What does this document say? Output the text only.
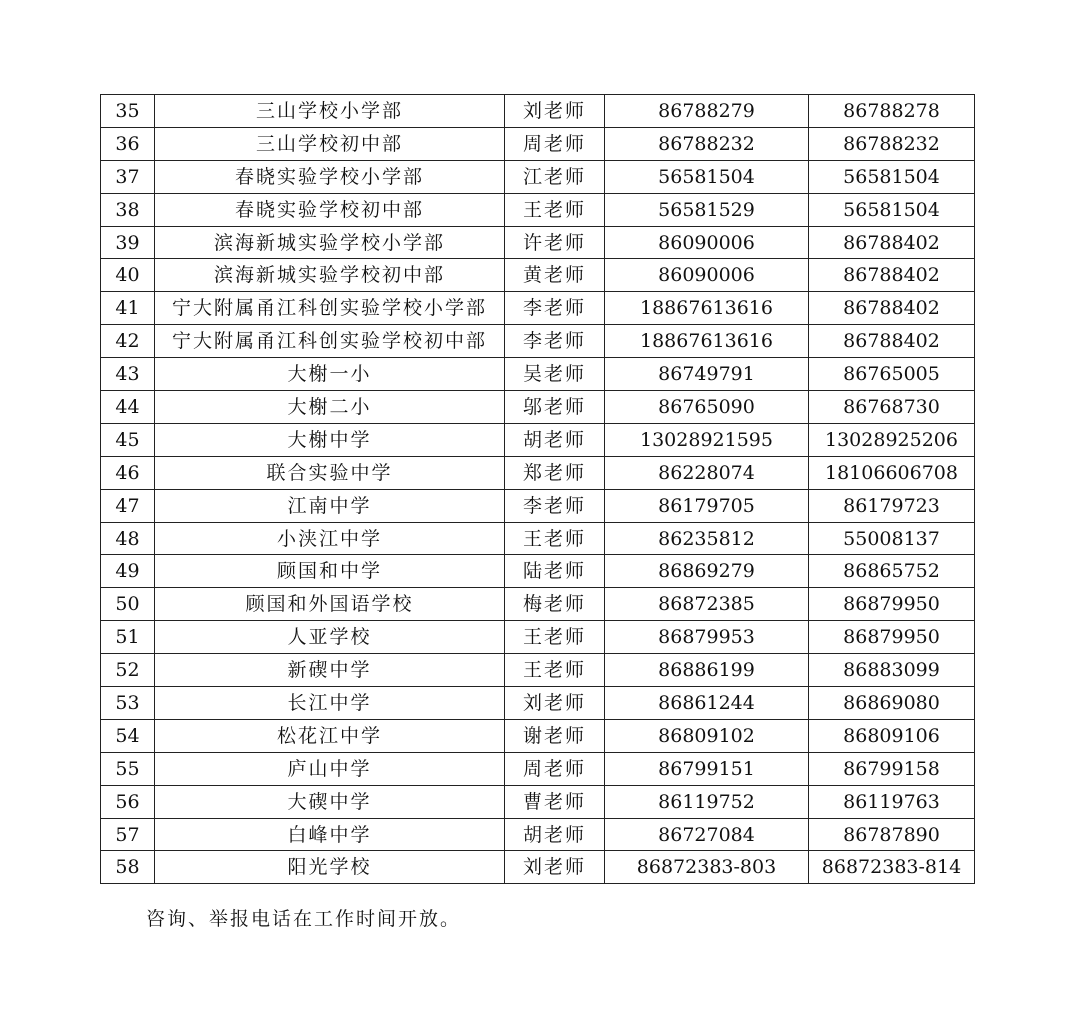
35	三山学校小学部	刘老师	86788279	86788278
36	三山学校初中部	周老师	86788232	86788232
37	春晓实验学校小学部	江老师	56581504	56581504
38	春晓实验学校初中部	王老师	56581529	56581504
39	滨海新城实验学校小学部	许老师	86090006	86788402
40	滨海新城实验学校初中部	黄老师	86090006	86788402
41	宁大附属甬江科创实验学校小学部	李老师	18867613616	86788402
42	宁大附属甬江科创实验学校初中部	李老师	18867613616	86788402
43	大榭一小	吴老师	86749791	86765005
44	大榭二小	邬老师	86765090	86768730
45	大榭中学	胡老师	13028921595	13028925206
46	联合实验中学	郑老师	86228074	18106606708
47	江南中学	李老师	86179705	86179723
48	小浃江中学	王老师	86235812	55008137
49	顾国和中学	陆老师	86869279	86865752
50	顾国和外国语学校	梅老师	86872385	86879950
51	人亚学校	王老师	86879953	86879950
52	新碶中学	王老师	86886199	86883099
53	长江中学	刘老师	86861244	86869080
54	松花江中学	谢老师	86809102	86809106
55	庐山中学	周老师	86799151	86799158
56	大碶中学	曹老师	86119752	86119763
57	白峰中学	胡老师	86727084	86787890
58	阳光学校	刘老师	86872383-803	86872383-814
咨询、举报电话在工作时间开放。
